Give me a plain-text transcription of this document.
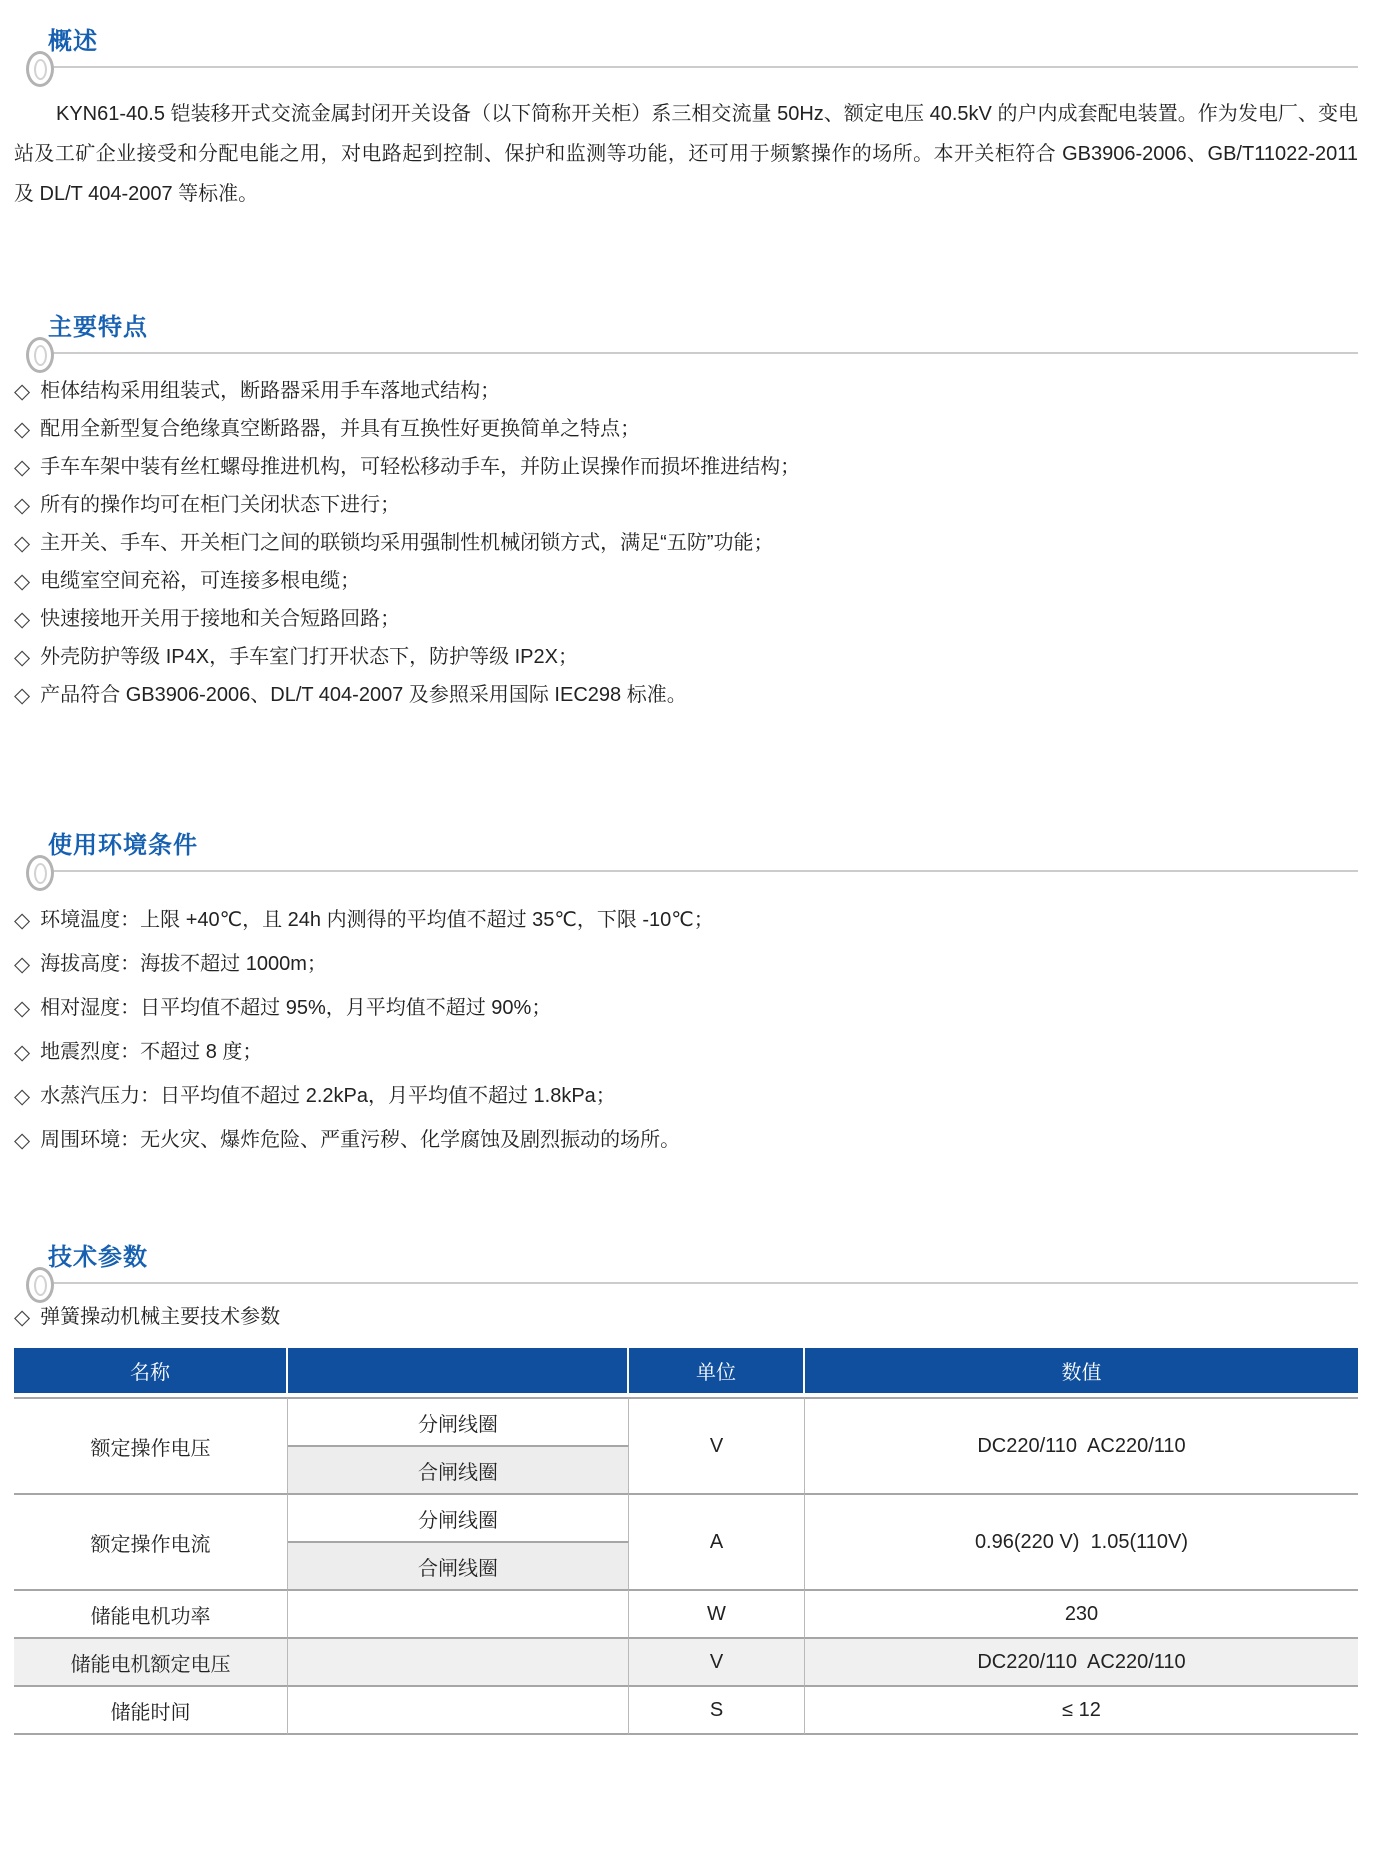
概述

KYN61-40.5 铠装移开式交流金属封闭开关设备（以下简称开关柜）系三相交流量 50Hz、额定电压 40.5kV 的户内成套配电装置。作为发电厂、变电站及工矿企业接受和分配电能之用，对电路起到控制、保护和监测等功能，还可用于频繁操作的场所。本开关柜符合 GB3906-2006、GB/T11022-2011 及 DL/T 404-2007 等标准。

主要特点
◇ 柜体结构采用组装式，断路器采用手车落地式结构；
◇ 配用全新型复合绝缘真空断路器，并具有互换性好更换简单之特点；
◇ 手车车架中装有丝杠螺母推进机构，可轻松移动手车，并防止误操作而损坏推进结构；
◇ 所有的操作均可在柜门关闭状态下进行；
◇ 主开关、手车、开关柜门之间的联锁均采用强制性机械闭锁方式，满足“五防”功能；
◇ 电缆室空间充裕，可连接多根电缆；
◇ 快速接地开关用于接地和关合短路回路；
◇ 外壳防护等级 IP4X，手车室门打开状态下，防护等级 IP2X；
◇ 产品符合 GB3906-2006、DL/T 404-2007 及参照采用国际 IEC298 标准。
使用环境条件
◇ 环境温度：上限 +40℃，且 24h 内测得的平均值不超过 35℃，下限 -10℃；
◇ 海拔高度：海拔不超过 1000m；
◇ 相对湿度：日平均值不超过 95%，月平均值不超过 90%；
◇ 地震烈度：不超过 8 度；
◇ 水蒸汽压力：日平均值不超过 2.2kPa，月平均值不超过 1.8kPa；
◇ 周围环境：无火灾、爆炸危险、严重污秽、化学腐蚀及剧烈振动的场所。
技术参数

◇ 弹簧操动机械主要技术参数

名称		单位	数值
额定操作电压	分闸线圈	V	DC220/110  AC220/110
	合闸线圈		
额定操作电流	分闸线圈	A	0.96(220 V)  1.05(110V)
	合闸线圈		
储能电机功率		W	230
储能电机额定电压		V	DC220/110  AC220/110
储能时间		S	≤ 12
